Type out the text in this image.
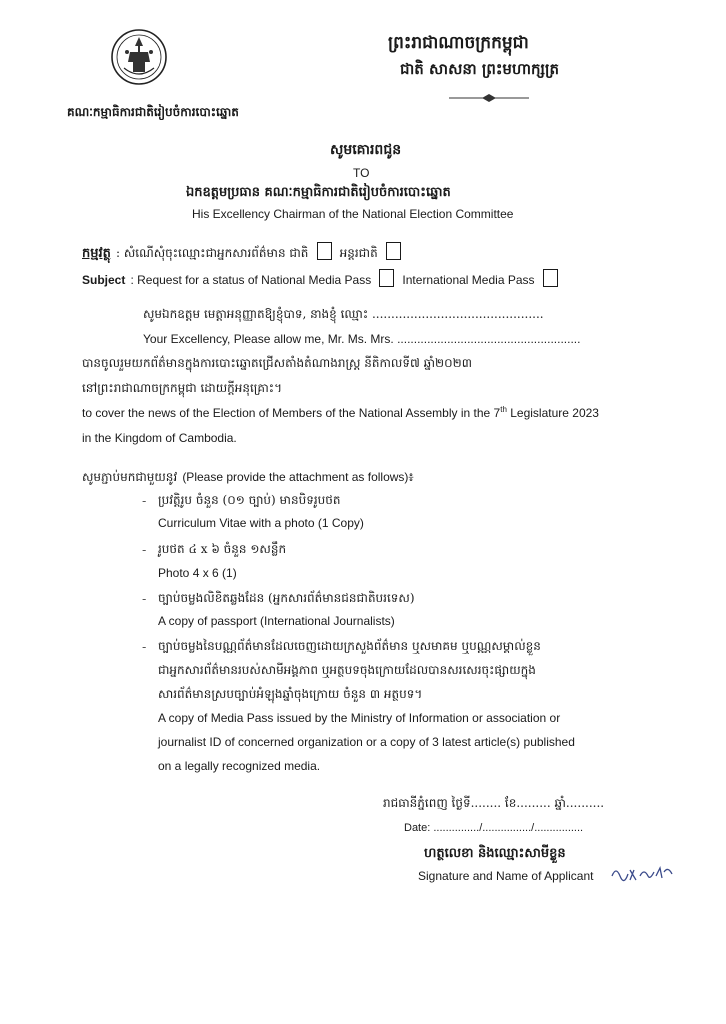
គណៈកម្មាធិការជាតិរៀបចំការបោះឆ្នោត
ព្រះរាជាណាចក្រកម្ពុជា
ជាតិ សាសនា ព្រះមហាក្សត្រ
សូមគោរពជូន
TO
ឯកឧត្តមប្រធាន គណៈកម្មាធិការជាតិរៀបចំការបោះឆ្នោត
His Excellency Chairman of the National Election Committee
កម្មវត្ថុ : សំណើសុំចុះឈ្មោះជាអ្នកសារព័ត៌មាន ជាតិ	អន្តរជាតិ
Subject : Request for a status of National Media Pass	International Media Pass
សូមឯកឧត្តម មេត្តាអនុញ្ញាតឱ្យខ្ញុំបាទ, នាងខ្ញុំ ឈ្មោះ .............................................
Your Excellency, Please allow me, Mr. Ms. Mrs. .......................................................
បានចូលរួមយកព័ត៌មានក្នុងការបោះឆ្នោតជ្រើសតាំងតំណាងរាស្ត្រ នីតិកាលទី៧ ឆ្នាំ២០២៣
នៅព្រះរាជាណាចក្រកម្ពុជា ដោយក្តីអនុគ្រោះ។
to cover the news of the Election of Members of the National Assembly in the 7th Legislature 2023
in the Kingdom of Cambodia.
សូមភ្ជាប់មកជាមួយនូវ (Please provide the attachment as follows)៖
- ប្រវត្តិរូប ចំនួន (០១ ច្បាប់) មានបិទរូបថត
Curriculum Vitae with a photo (1 Copy)
- រូបថត ៤ x ៦ ចំនួន ១សន្លឹក
Photo 4 x 6 (1)
- ច្បាប់ចម្លងលិខិតឆ្លងដែន (អ្នកសារព័ត៌មានជនជាតិបរទេស)
A copy of passport (International Journalists)
- ច្បាប់ចម្លងនៃបណ្ណព័ត៌មានដែលចេញដោយក្រសួងព័ត៌មាន ឬសមាគម ឬបណ្ណសម្គាល់ខ្លួន
ជាអ្នកសារព័ត៌មានរបស់សាមីអង្គភាព ឬអត្ថបទចុងក្រោយដែលបានសរសេរចុះផ្សាយក្នុង
សារព័ត៌មានស្របច្បាប់អំឡុងឆ្នាំចុងក្រោយ ចំនួន ៣ អត្ថបទ។
A copy of Media Pass issued by the Ministry of Information or association or
journalist ID of concerned organization or a copy of 3 latest article(s) published
on a legally recognized media.
រាជធានីភ្នំពេញ ថ្ងៃទី........ ខែ......... ឆ្នាំ..........
Date: .............../................/................
ហត្ថលេខា និងឈ្មោះសាមីខ្លួន
Signature and Name of Applicant
